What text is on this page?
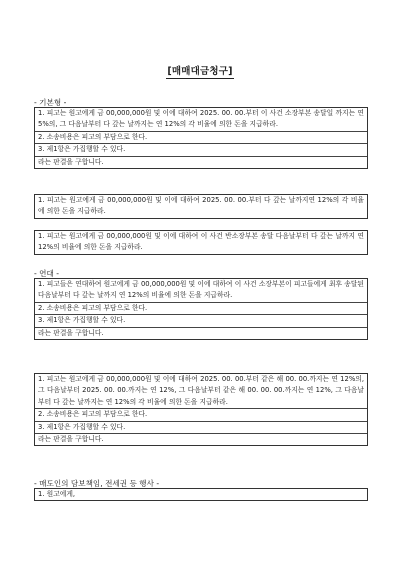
[매매대금청구]
- 기본형 -
1. 피고는 원고에게 금 00,000,000원 및 이에 대하여 2025. 00. 00.부터 이 사건 소장부본 송달일 까지는 연 5%의, 그 다음날부터 다 갚는 날까지는 연 12%의 각 비율에 의한 돈을 지급하라.
2. 소송비용은 피고의 부담으로 한다.
3. 제1항은 가집행할 수 있다.
라는 판결을 구합니다.
1. 피고는 원고에게 금 00,000,000원 및 이에 대하여 2025. 00. 00.부터 다 갚는 날까지연 12%의 각 비율에 의한 돈을 지급하라.
1. 피고는 원고에게 금 00,000,000원 및 이에 대하여 이 사건 반소장부본 송달 다음날부터 다 갚는 날까지 연 12%의 비율에 의한 돈을 지급하라.
- 연대 -
1. 피고들은 연대하여 원고에게 금 00,000,000원 및 이에 대하여 이 사건 소장부본이 피고들에게 최후 송달된 다음날부터 다 갚는 날까지 연 12%의 비율에 의한 돈을 지급하라.
2. 소송비용은 피고의 부담으로 한다.
3. 제1항은 가집행할 수 있다.
라는 판결을 구합니다.
1. 피고는 원고에게 금 00,000,000원 및 이에 대하여 2025. 00. 00.부터 같은 해 00. 00.까지는 연 12%의, 그 다음날부터 2025. 00. 00.까지는 연 12%, 그 다음날부터 같은 해 00. 00. 00.까지는 연 12%, 그 다음날부터 다 갚는 날까지는 연 12%의 각 비율에 의한 돈을 지급하라.
2. 소송비용은 피고의 부담으로 한다.
3. 제1항은 가집행할 수 있다.
라는 판결을 구합니다.
- 매도인의 담보책임, 전세권 등 행사 -
1. 원고에게,
